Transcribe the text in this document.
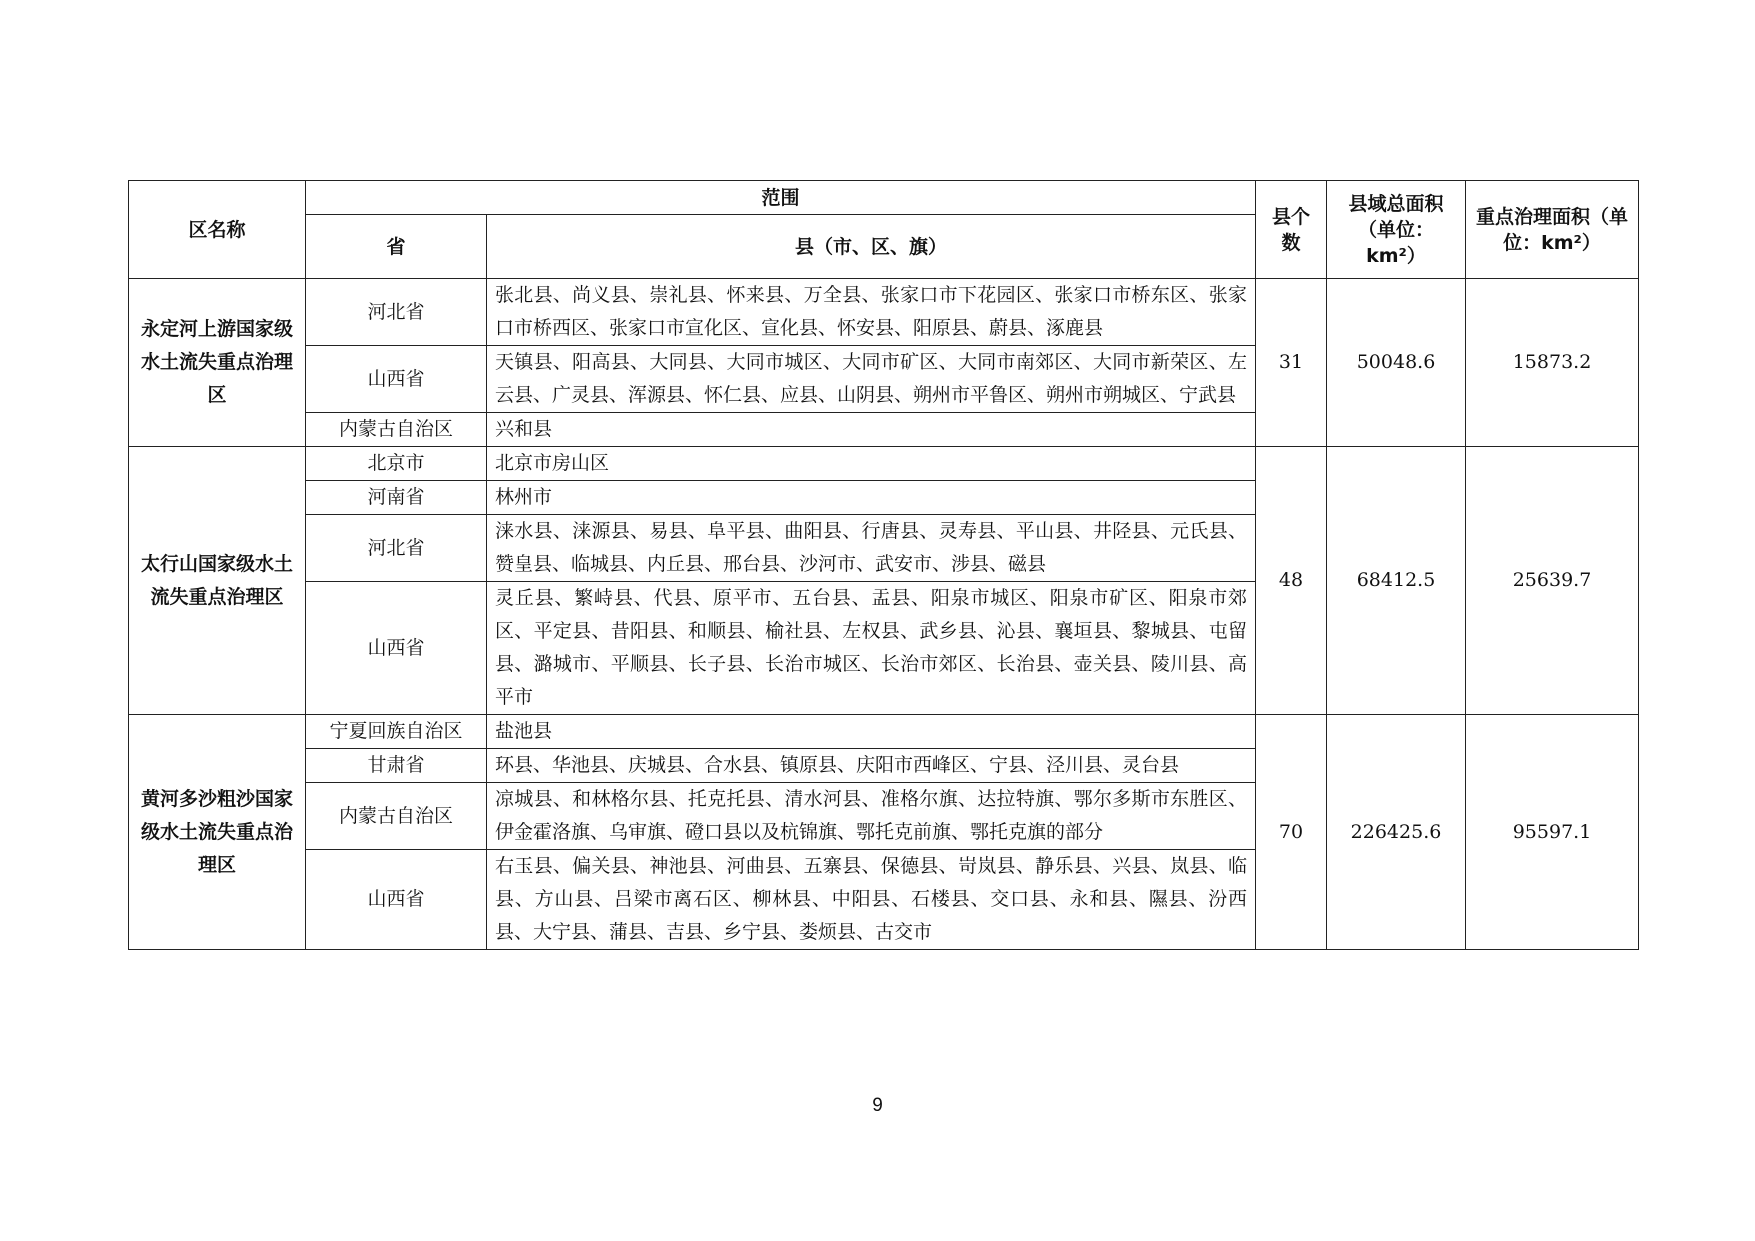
区名称	范围		县个数	县域总面积（单位：km²）	重点治理面积（单位：km²）
	省	县（市、区、旗）			
永定河上游国家级水土流失重点治理区	河北省	张北县、尚义县、崇礼县、怀来县、万全县、张家口市下花园区、张家口市桥东区、张家口市桥西区、张家口市宣化区、宣化县、怀安县、阳原县、蔚县、涿鹿县	31	50048.6	15873.2
	山西省	天镇县、阳高县、大同县、大同市城区、大同市矿区、大同市南郊区、大同市新荣区、左云县、广灵县、浑源县、怀仁县、应县、山阴县、朔州市平鲁区、朔州市朔城区、宁武县			
	内蒙古自治区	兴和县			
太行山国家级水土流失重点治理区	北京市	北京市房山区	48	68412.5	25639.7
	河南省	林州市			
	河北省	涞水县、涞源县、易县、阜平县、曲阳县、行唐县、灵寿县、平山县、井陉县、元氏县、赞皇县、临城县、内丘县、邢台县、沙河市、武安市、涉县、磁县			
	山西省	灵丘县、繁峙县、代县、原平市、五台县、盂县、阳泉市城区、阳泉市矿区、阳泉市郊区、平定县、昔阳县、和顺县、榆社县、左权县、武乡县、沁县、襄垣县、黎城县、屯留县、潞城市、平顺县、长子县、长治市城区、长治市郊区、长治县、壶关县、陵川县、高平市			
黄河多沙粗沙国家级水土流失重点治理区	宁夏回族自治区	盐池县	70	226425.6	95597.1
	甘肃省	环县、华池县、庆城县、合水县、镇原县、庆阳市西峰区、宁县、泾川县、灵台县			
	内蒙古自治区	凉城县、和林格尔县、托克托县、清水河县、准格尔旗、达拉特旗、鄂尔多斯市东胜区、伊金霍洛旗、乌审旗、磴口县以及杭锦旗、鄂托克前旗、鄂托克旗的部分			
	山西省	右玉县、偏关县、神池县、河曲县、五寨县、保德县、岢岚县、静乐县、兴县、岚县、临县、方山县、吕梁市离石区、柳林县、中阳县、石楼县、交口县、永和县、隰县、汾西县、大宁县、蒲县、吉县、乡宁县、娄烦县、古交市			
9
